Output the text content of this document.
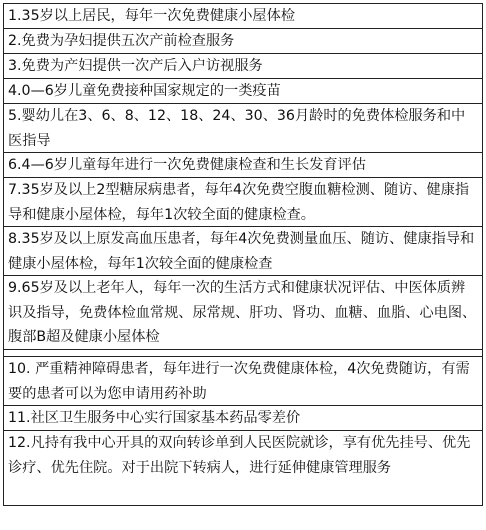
1.35岁以上居民，每年一次免费健康小屋体检
2.免费为孕妇提供五次产前检查服务
3.免费为产妇提供一次产后入户访视服务
4.0—6岁儿童免费接种国家规定的一类疫苗
5.婴幼儿在3、6、8、12、18、24、30、36月龄时的免费体检服务和中医指导
6.4—6岁儿童每年进行一次免费健康检查和生长发育评估
7.35岁及以上2型糖尿病患者，每年4次免费空腹血糖检测、随访、健康指导和健康小屋体检，每年1次较全面的健康检查。
8.35岁及以上原发高血压患者，每年4次免费测量血压、随访、健康指导和健康小屋体检，每年1次较全面的健康检查
9.65岁及以上老年人，每年一次的生活方式和健康状况评估、中医体质辨识及指导，免费体检血常规、尿常规、肝功、肾功、血糖、血脂、心电图、腹部B超及健康小屋体检
10. 严重精神障碍患者，每年进行一次免费健康体检，4次免费随访，有需要的患者可以为您申请用药补助
11.社区卫生服务中心实行国家基本药品零差价
12.凡持有我中心开具的双向转诊单到人民医院就诊，享有优先挂号、优先诊疗、优先住院。对于出院下转病人，进行延伸健康管理服务
